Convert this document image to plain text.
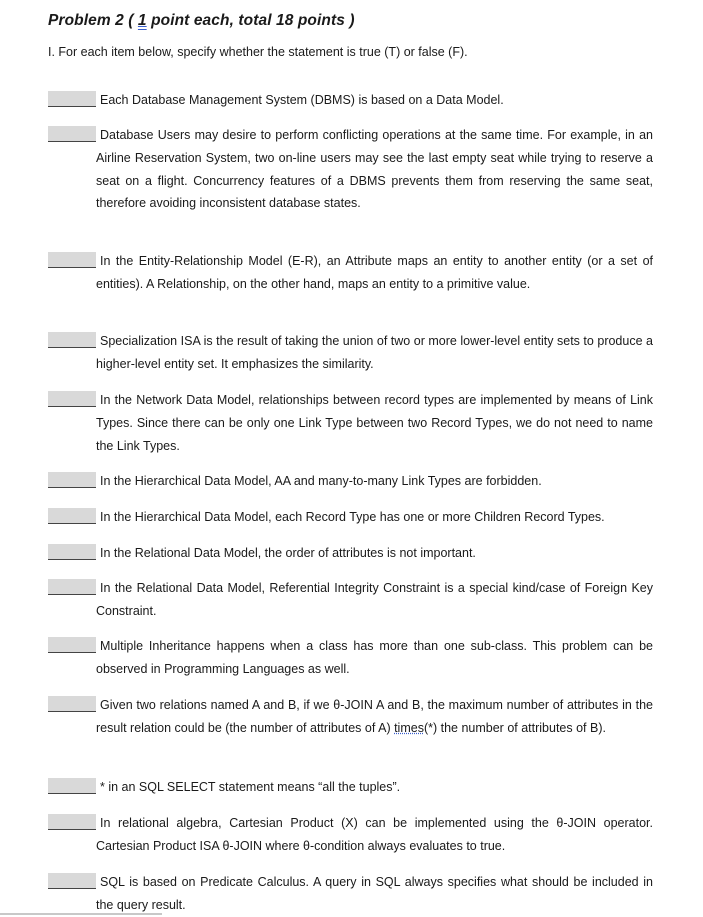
Problem 2 ( 1 point each, total 18 points )
I. For each item below, specify whether the statement is true (T) or false (F).
Each Database Management System (DBMS) is based on a Data Model.
Database Users may desire to perform conflicting operations at the same time. For example, in an Airline Reservation System, two on-line users may see the last empty seat while trying to reserve a seat on a flight. Concurrency features of a DBMS prevents them from reserving the same seat, therefore avoiding inconsistent database states.
In the Entity-Relationship Model (E-R), an Attribute maps an entity to another entity (or a set of entities). A Relationship, on the other hand, maps an entity to a primitive value.
Specialization ISA is the result of taking the union of two or more lower-level entity sets to produce a higher-level entity set. It emphasizes the similarity.
In the Network Data Model, relationships between record types are implemented by means of Link Types. Since there can be only one Link Type between two Record Types, we do not need to name the Link Types.
In the Hierarchical Data Model, AA and many-to-many Link Types are forbidden.
In the Hierarchical Data Model, each Record Type has one or more Children Record Types.
In the Relational Data Model, the order of attributes is not important.
In the Relational Data Model, Referential Integrity Constraint is a special kind/case of Foreign Key Constraint.
Multiple Inheritance happens when a class has more than one sub-class. This problem can be observed in Programming Languages as well.
Given two relations named A and B, if we θ-JOIN A and B, the maximum number of attributes in the result relation could be (the number of attributes of A) times(*) the number of attributes of B).
* in an SQL SELECT statement means “all the tuples”.
In relational algebra, Cartesian Product (X) can be implemented using the θ-JOIN operator. Cartesian Product ISA θ-JOIN where θ-condition always evaluates to true.
SQL is based on Predicate Calculus. A query in SQL always specifies what should be included in the query result.
